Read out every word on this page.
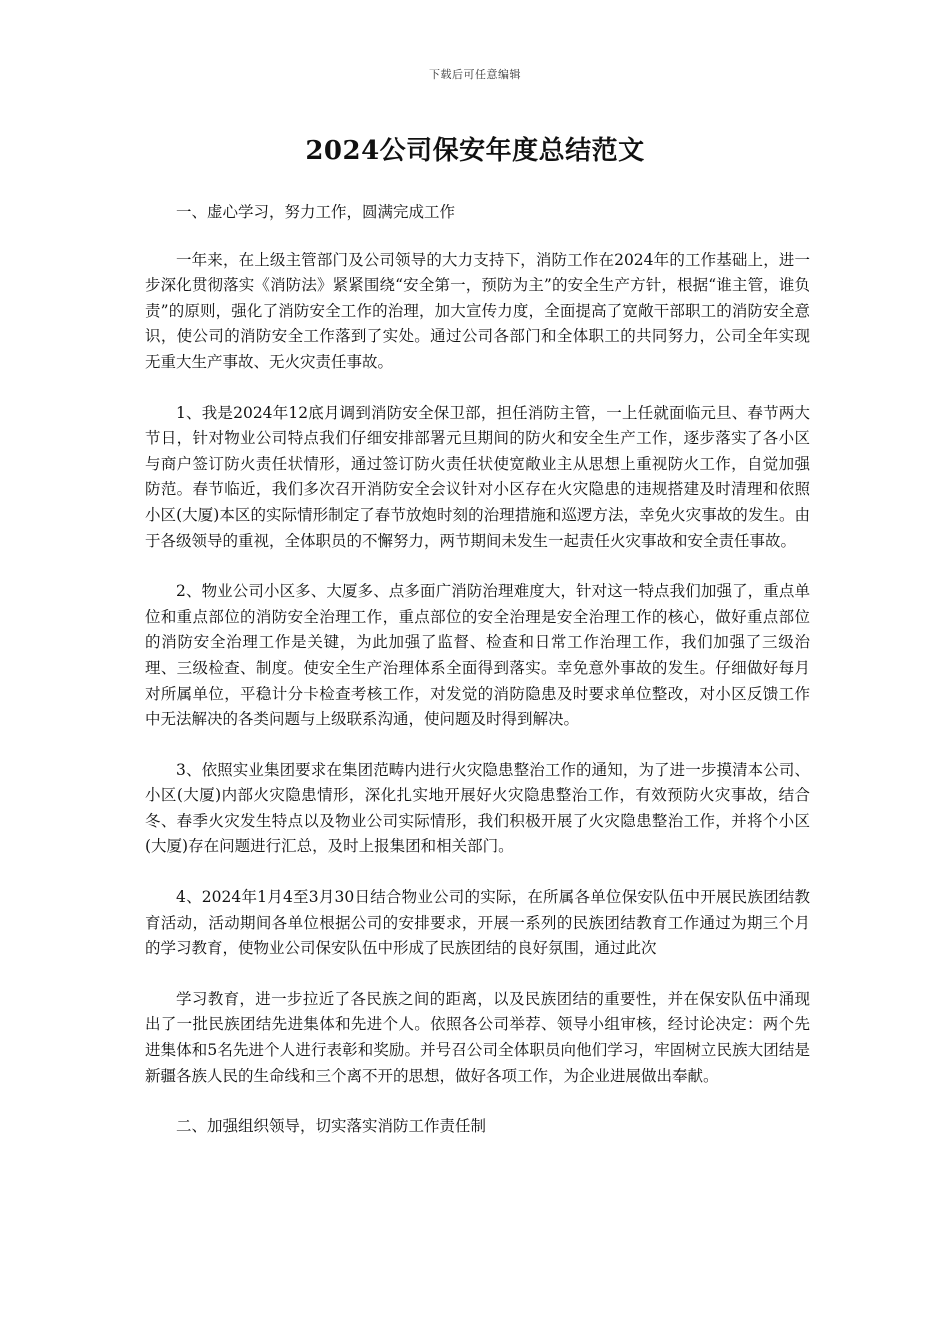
下载后可任意编辑
2024公司保安年度总结范文

一、虚心学习，努力工作，圆满完成工作

一年来，在上级主管部门及公司领导的大力支持下，消防工作在2024年的工作基础上，进一步深化贯彻落实《消防法》紧紧围绕“安全第一，预防为主”的安全生产方针，根据“谁主管，谁负责”的原则，强化了消防安全工作的治理，加大宣传力度，全面提高了宽敞干部职工的消防安全意识，使公司的消防安全工作落到了实处。通过公司各部门和全体职工的共同努力，公司全年实现无重大生产事故、无火灾责任事故。

1、我是2024年12底月调到消防安全保卫部，担任消防主管，一上任就面临元旦、春节两大节日，针对物业公司特点我们仔细安排部署元旦期间的防火和安全生产工作，逐步落实了各小区与商户签订防火责任状情形，通过签订防火责任状使宽敞业主从思想上重视防火工作，自觉加强防范。春节临近，我们多次召开消防安全会议针对小区存在火灾隐患的违规搭建及时清理和依照小区(大厦)本区的实际情形制定了春节放炮时刻的治理措施和巡逻方法，幸免火灾事故的发生。由于各级领导的重视，全体职员的不懈努力，两节期间未发生一起责任火灾事故和安全责任事故。

2、物业公司小区多、大厦多、点多面广消防治理难度大，针对这一特点我们加强了，重点单位和重点部位的消防安全治理工作，重点部位的安全治理是安全治理工作的核心，做好重点部位的消防安全治理工作是关键，为此加强了监督、检查和日常工作治理工作，我们加强了三级治理、三级检查、制度。使安全生产治理体系全面得到落实。幸免意外事故的发生。仔细做好每月对所属单位，平稳计分卡检查考核工作，对发觉的消防隐患及时要求单位整改，对小区反馈工作中无法解决的各类问题与上级联系沟通，使问题及时得到解决。

3、依照实业集团要求在集团范畴内进行火灾隐患整治工作的通知，为了进一步摸清本公司、小区(大厦)内部火灾隐患情形，深化扎实地开展好火灾隐患整治工作，有效预防火灾事故，结合冬、春季火灾发生特点以及物业公司实际情形，我们积极开展了火灾隐患整治工作，并将个小区(大厦)存在问题进行汇总，及时上报集团和相关部门。

4、2024年1月4至3月30日结合物业公司的实际，在所属各单位保安队伍中开展民族团结教育活动，活动期间各单位根据公司的安排要求，开展一系列的民族团结教育工作通过为期三个月的学习教育，使物业公司保安队伍中形成了民族团结的良好氛围，通过此次

学习教育，进一步拉近了各民族之间的距离，以及民族团结的重要性，并在保安队伍中涌现出了一批民族团结先进集体和先进个人。依照各公司举荐、领导小组审核，经讨论决定：两个先进集体和5名先进个人进行表彰和奖励。并号召公司全体职员向他们学习，牢固树立民族大团结是新疆各族人民的生命线和三个离不开的思想，做好各项工作，为企业进展做出奉献。

二、加强组织领导，切实落实消防工作责任制
